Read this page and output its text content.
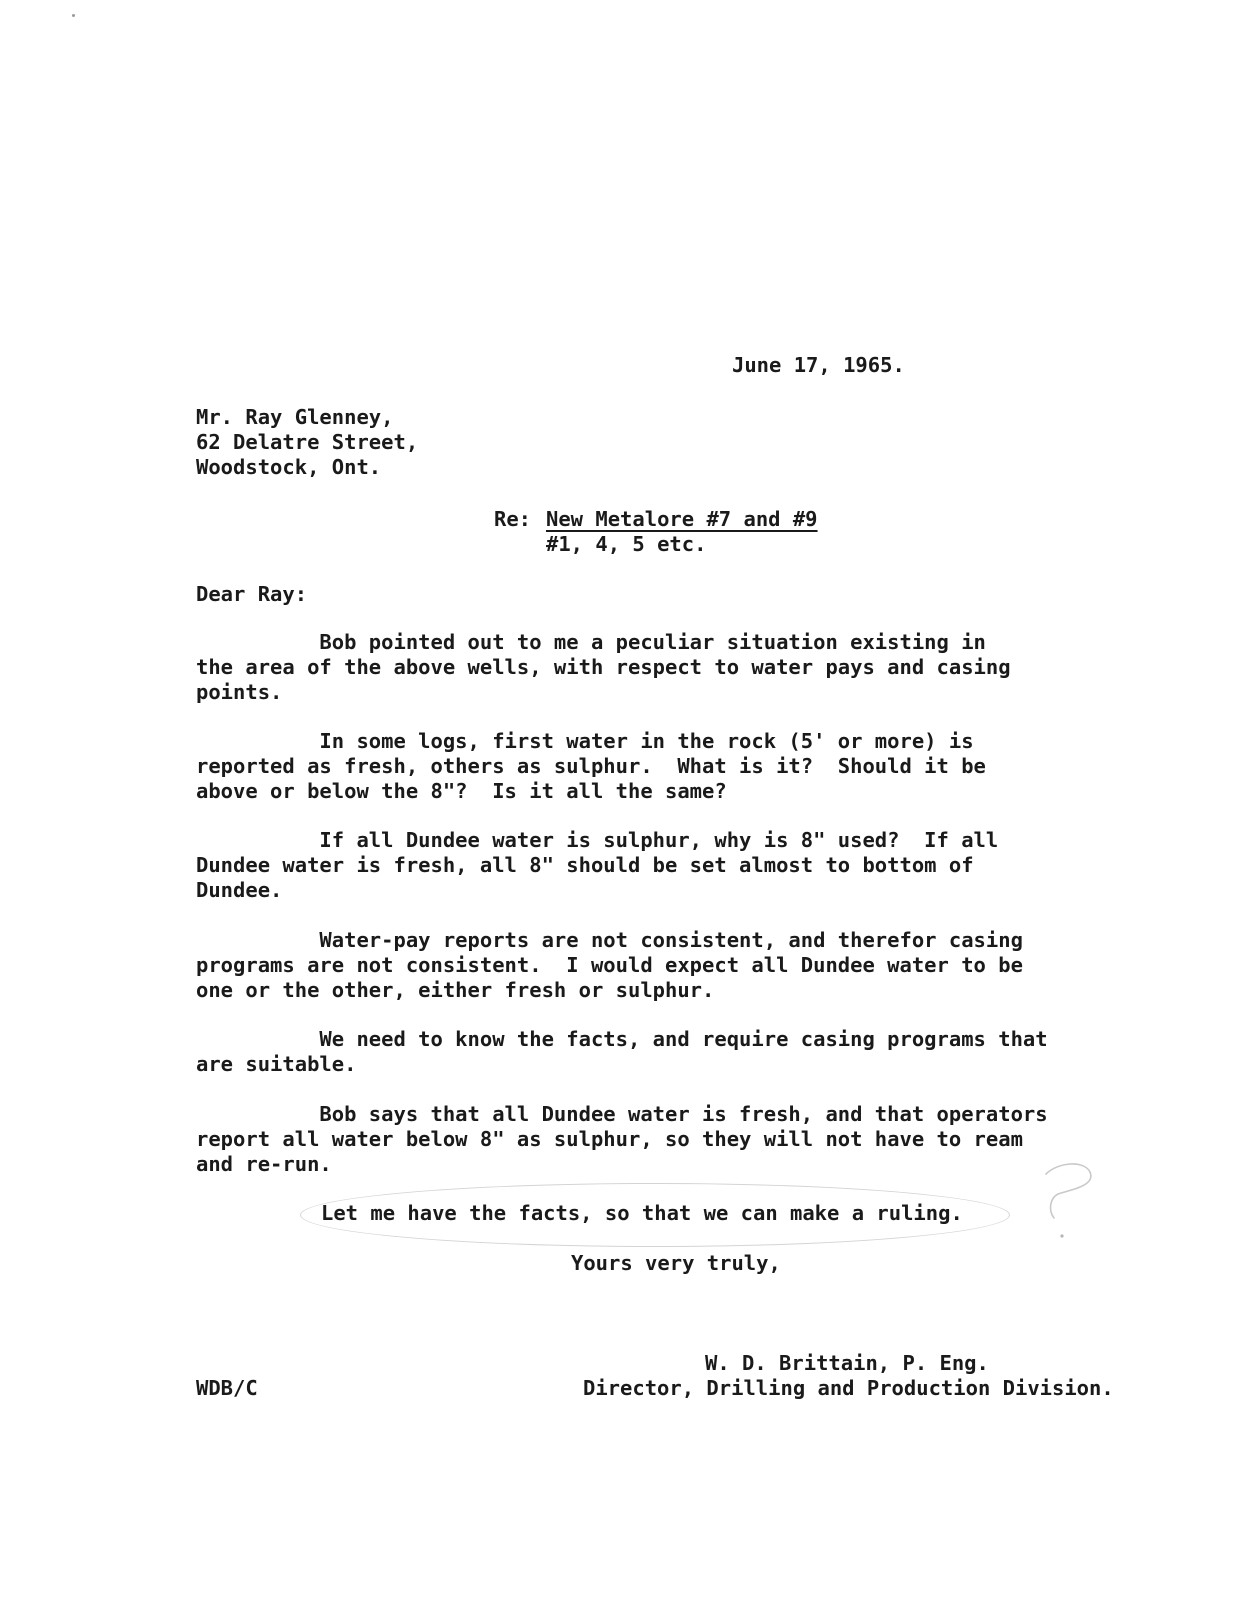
June 17, 1965.
Mr. Ray Glenney,
62 Delatre Street,
Woodstock, Ont.
Re: New Metalore #7 and #9
#1, 4, 5 etc.
Dear Ray:
Bob pointed out to me a peculiar situation existing in
the area of the above wells, with respect to water pays and casing
points.
In some logs, first water in the rock (5' or more) is
reported as fresh, others as sulphur.  What is it?  Should it be
above or below the 8"?  Is it all the same?
If all Dundee water is sulphur, why is 8" used?  If all
Dundee water is fresh, all 8" should be set almost to bottom of
Dundee.
Water-pay reports are not consistent, and therefor casing
programs are not consistent.  I would expect all Dundee water to be
one or the other, either fresh or sulphur.
We need to know the facts, and require casing programs that
are suitable.
Bob says that all Dundee water is fresh, and that operators
report all water below 8" as sulphur, so they will not have to ream
and re-run.
Let me have the facts, so that we can make a ruling.
Yours very truly,
W. D. Brittain, P. Eng.
Director, Drilling and Production Division.
WDB/C
